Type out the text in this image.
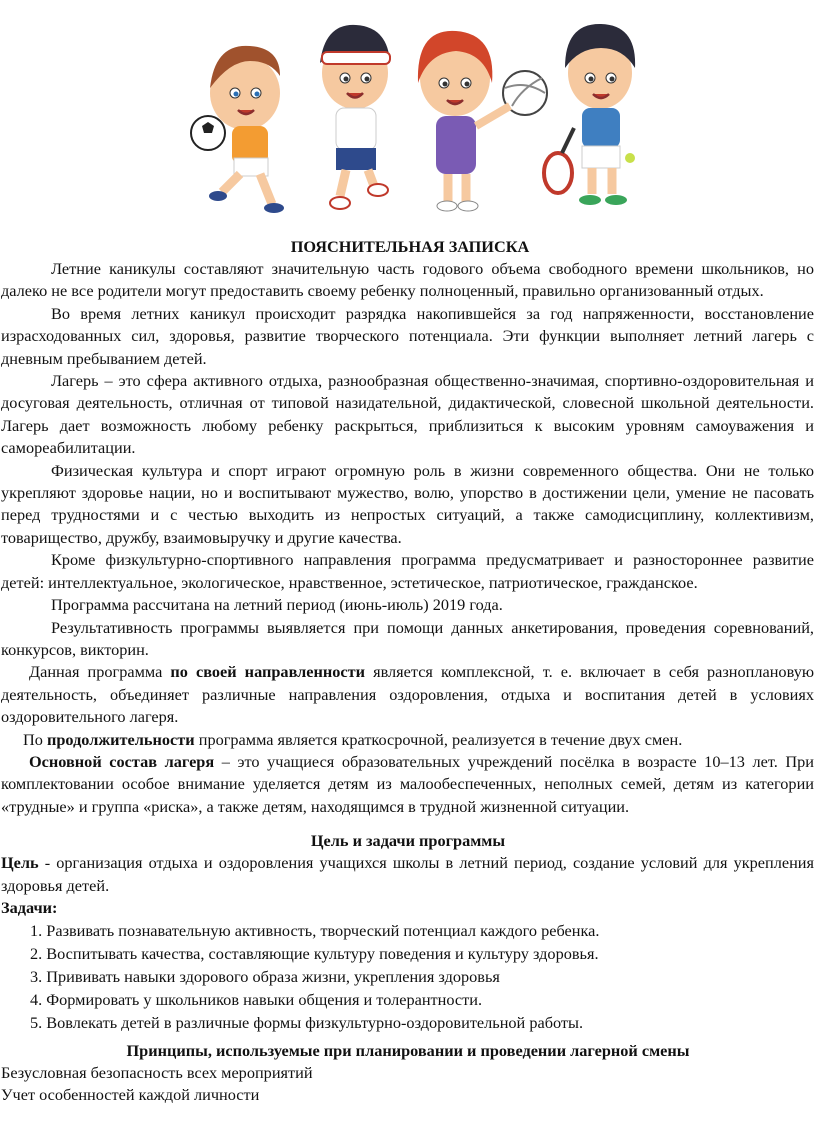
ПОЯСНИТЕЛЬНАЯ ЗАПИСКА

Летние каникулы составляют значительную часть годового объема свободного времени школьников, но далеко не все родители могут предоставить своему ребенку полноценный, правильно организованный отдых.

Во время летних каникул происходит разрядка накопившейся за год напряженности, восстановление израсходованных сил, здоровья, развитие творческого потенциала. Эти функции выполняет летний лагерь с дневным пребыванием детей.

Лагерь – это сфера активного отдыха, разнообразная общественно-значимая, спортивно-оздоровительная и досуговая деятельность, отличная от типовой назидательной, дидактической, словесной школьной деятельности. Лагерь дает возможность любому ребенку раскрыться, приблизиться к высоким уровням самоуважения и самореабилитации.

Физическая культура и спорт играют огромную роль в жизни современного общества. Они не только укрепляют здоровье нации, но и воспитывают мужество, волю, упорство в достижении цели, умение не пасовать перед трудностями и с честью выходить из непростых ситуаций, а также самодисциплину, коллективизм, товарищество, дружбу, взаимовыручку и другие качества.

Кроме физкультурно-спортивного направления программа предусматривает и разностороннее развитие детей: интеллектуальное, экологическое, нравственное, эстетическое, патриотическое, гражданское.

Программа рассчитана на летний период (июнь-июль) 2019 года.

Результативность программы выявляется при помощи данных анкетирования, проведения соревнований, конкурсов, викторин.

Данная программа по своей направленности является комплексной, т. е. включает в себя разноплановую деятельность, объединяет различные направления оздоровления, отдыха и воспитания детей в условиях оздоровительного лагеря.

По продолжительности программа является краткосрочной, реализуется в течение двух смен.

Основной состав лагеря – это учащиеся образовательных учреждений посёлка в возрасте 10–13 лет. При комплектовании особое внимание уделяется детям из малообеспеченных, неполных семей, детям из категории «трудные» и группа «риска», а также детям, находящимся в трудной жизненной ситуации.

Цель и задачи программы

Цель - организация отдыха и оздоровления учащихся школы в летний период, создание условий для укрепления здоровья детей.

Задачи:

1. Развивать познавательную активность, творческий потенциал каждого ребенка.
2. Воспитывать качества, составляющие культуру поведения и культуру здоровья.
3. Прививать навыки здорового образа жизни, укрепления здоровья
4. Формировать у школьников навыки общения и толерантности.
5. Вовлекать детей в различные формы физкультурно-оздоровительной работы.

Принципы, используемые при планировании и проведении лагерной смены

Безусловная безопасность всех мероприятий

Учет особенностей каждой личности
